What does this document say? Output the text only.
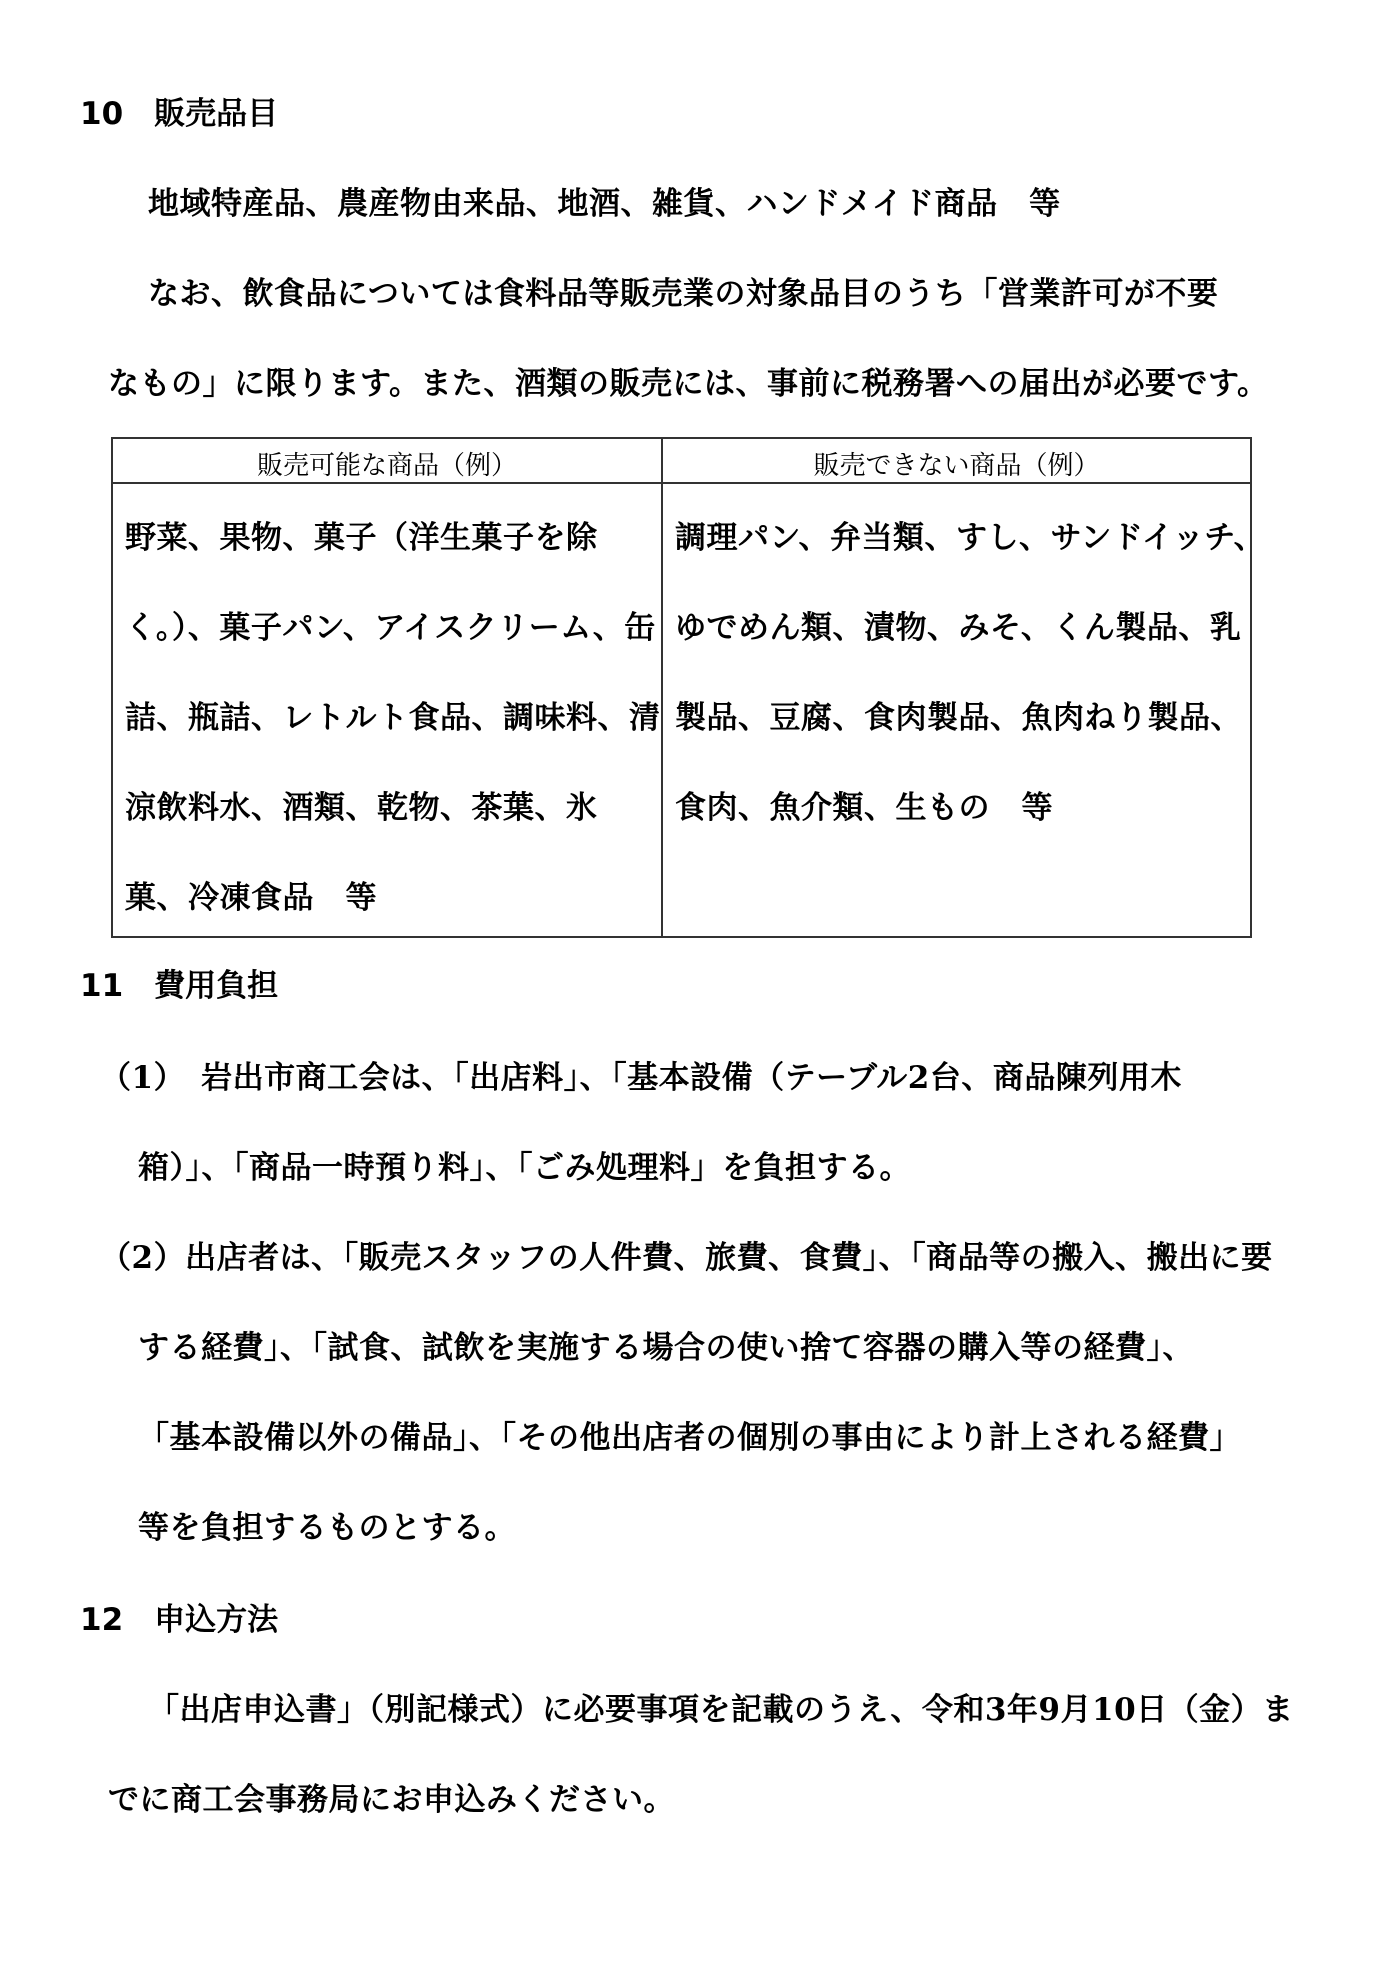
10　販売品目
地域特産品、農産物由来品、地酒、雑貨、ハンドメイド商品　等
なお、飲食品については食料品等販売業の対象品目のうち「営業許可が不要
なもの」に限ります。また、酒類の販売には、事前に税務署への届出が必要です。
販売可能な商品（例）	販売できない商品（例）
野菜、果物、菓子（洋生菓子を除
く。）、菓子パン、アイスクリーム、缶
詰、瓶詰、レトルト食品、調味料、清
涼飲料水、酒類、乾物、茶葉、氷
菓、冷凍食品　等
調理パン、弁当類、すし、サンドイッチ、
ゆでめん類、漬物、みそ、くん製品、乳
製品、豆腐、食肉製品、魚肉ねり製品、
食肉、魚介類、生もの　等
11　費用負担
（1）　岩出市商工会は、「出店料」、「基本設備（テーブル2台、商品陳列用木
箱）」、「商品一時預り料」、「ごみ処理料」を負担する。
（2）出店者は、「販売スタッフの人件費、旅費、食費」、「商品等の搬入、搬出に要
する経費」、「試食、試飲を実施する場合の使い捨て容器の購入等の経費」、
「基本設備以外の備品」、「その他出店者の個別の事由により計上される経費」
等を負担するものとする。
12　申込方法
「出店申込書」（別記様式）に必要事項を記載のうえ、令和3年9月10日（金）ま
でに商工会事務局にお申込みください。
